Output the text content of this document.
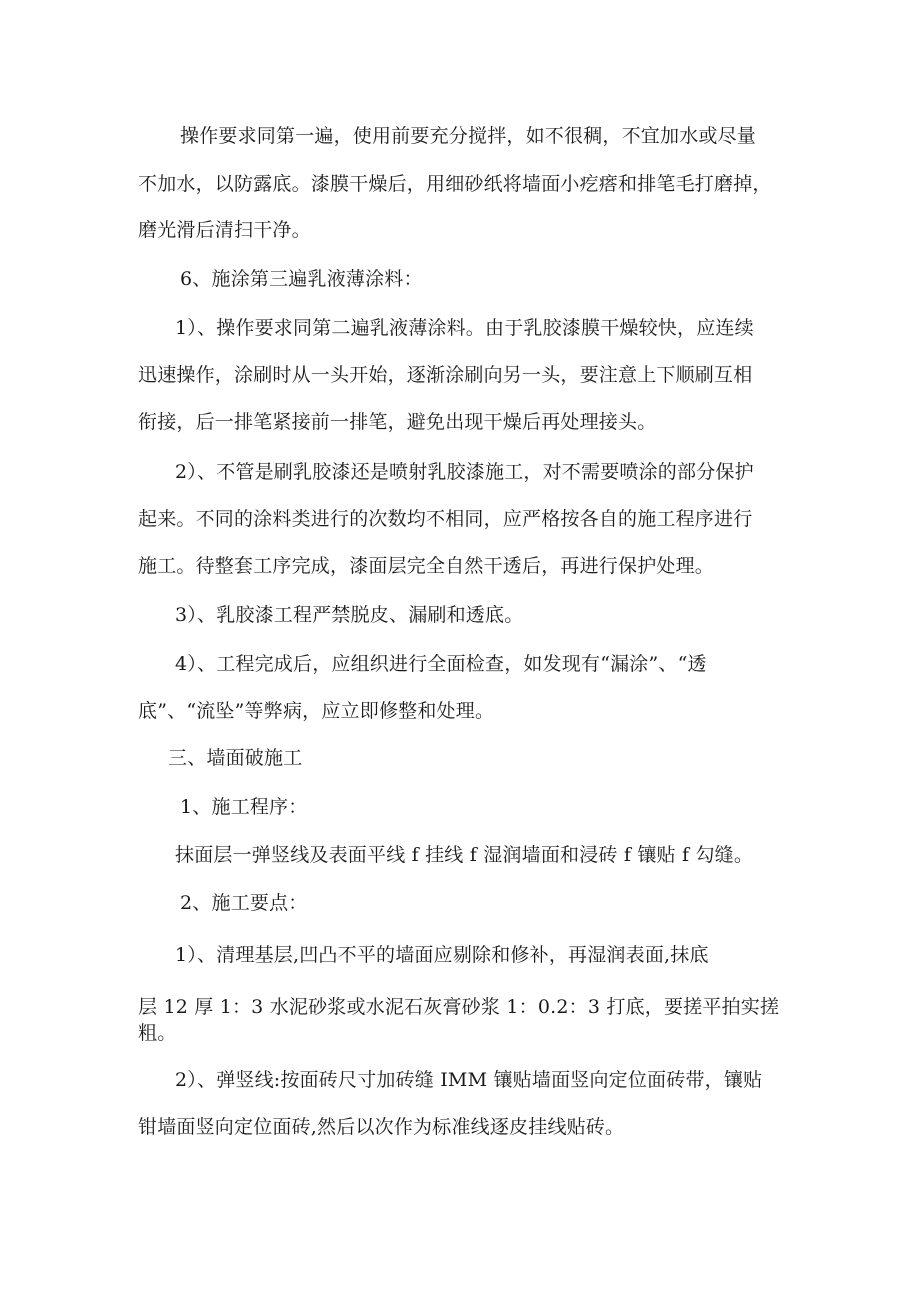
操作要求同第一遍，使用前要充分搅拌，如不很稠，不宜加水或尽量
不加水，以防露底。漆膜干燥后，用细砂纸将墙面小疙瘩和排笔毛打磨掉，
磨光滑后清扫干净。
6、施涂第三遍乳液薄涂料：
1）、操作要求同第二遍乳液薄涂料。由于乳胶漆膜干燥较快，应连续
迅速操作，涂刷时从一头开始，逐渐涂刷向另一头，要注意上下顺刷互相
衔接，后一排笔紧接前一排笔，避免出现干燥后再处理接头。
2）、不管是刷乳胶漆还是喷射乳胶漆施工，对不需要喷涂的部分保护
起来。不同的涂料类进行的次数均不相同，应严格按各自的施工程序进行
施工。待整套工序完成，漆面层完全自然干透后，再进行保护处理。
3）、乳胶漆工程严禁脱皮、漏刷和透底。
4）、工程完成后，应组织进行全面检查，如发现有“漏涂”、“透
底”、“流坠”等弊病，应立即修整和处理。
三、墙面破施工
1、施工程序：
抹面层一弹竖线及表面平线 f 挂线 f 湿润墙面和浸砖 f 镶贴 f 勾缝。
2、施工要点：
1）、清理基层,凹凸不平的墙面应剔除和修补，再湿润表面,抹底
层 12 厚 1：3 水泥砂浆或水泥石灰膏砂浆 1：0.2：3 打底，要搓平拍实搓
粗。
2）、弹竖线:按面砖尺寸加砖缝 IMM 镶贴墙面竖向定位面砖带，镶贴
钳墙面竖向定位面砖,然后以次作为标准线逐皮挂线贴砖。
